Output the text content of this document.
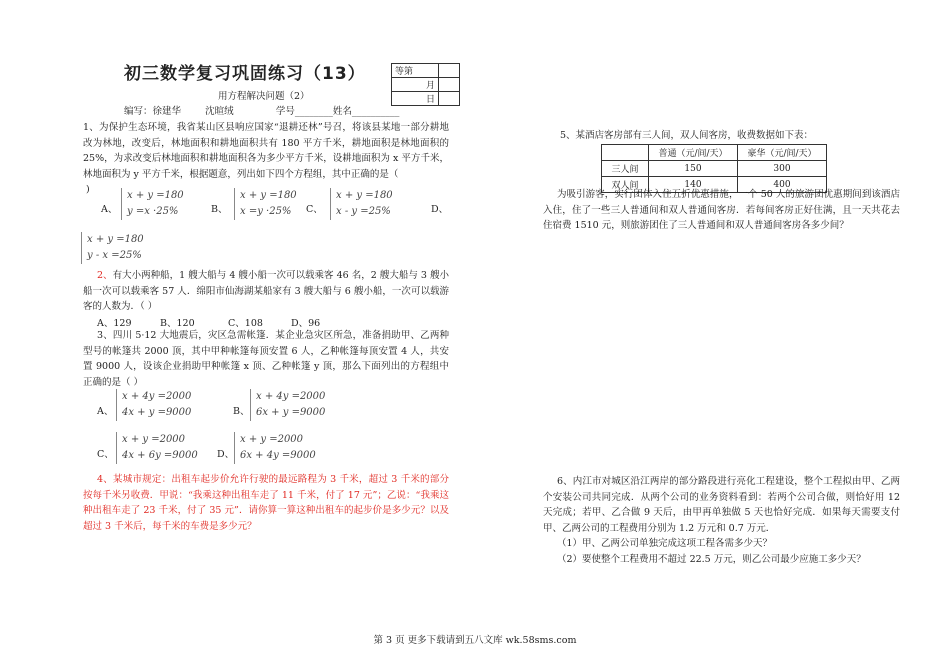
初三数学复习巩固练习（13）	等第	
月	
日	
用方程解决问题（2）
编写：徐建华        沈暄绒              学号________姓名__________
1、为保护生态环境，我省某山区县响应国家“退耕还林”号召，将该县某地一部分耕地改为林地，改变后，林地面积和耕地面积共有 180 平方千米，耕地面积是林地面积的 25%，为求改变后林地面积和耕地面积各为多少平方千米，设耕地面积为 x 平方千米，林地面积为 y 平方千米，根据题意，列出如下四个方程组，其中正确的是（
)
A、
x + y =180
y =x ·25%	B、
x + y =180
x =y ·25%	C、
x + y =180
x - y =25%	D、
x + y =180
y - x =25%
2、有大小两种船，1 艘大船与 4 艘小船一次可以载乘客 46 名，2 艘大船与 3 艘小船一次可以载乘客 57 人．绵阳市仙海湖某船家有 3 艘大船与 6 艘小船，一次可以载游客的人数为．（ ）
A、129	B、120	C、108	D、96
3、四川 5·12 大地震后，灾区急需帐篷．某企业急灾区所急，准备捐助甲、乙两种型号的帐篷共 2000 顶，其中甲种帐篷每顶安置 6 人，乙种帐篷每顶安置 4 人，共安置 9000 人，设该企业捐助甲种帐篷 x 顶、乙种帐篷 y 顶，那么下面列出的方程组中正确的是（ ）
A、
x + 4y =2000
4x + y =9000	B、
x + 4y =2000
6x + y =9000
C、
x + y =2000
4x + 6y =9000 D、
x + y =2000
6x + 4y =9000
4、某城市规定：出租车起步价允许行驶的最远路程为 3 千米，超过 3 千米的部分按每千米另收费．甲说：“我乘这种出租车走了 11 千米，付了 17 元”；乙说：“我乘这种出租车走了 23 千米，付了 35 元”．请你算一算这种出租车的起步价是多少元？以及超过 3 千米后，每千米的车费是多少元？
5、某酒店客房部有三人间，双人间客房，收费数据如下表：
	普通（元/间/天）	豪华（元/间/天）
三人间	150	300
双人间	140	400
为吸引游客，实行团体入住五折优惠措施，一个 50 人的旅游团优惠期间到该酒店入住，住了一些三人普通间和双人普通间客房．若每间客房正好住满，且一天共花去住宿费 1510 元，则旅游团住了三人普通间和双人普通间客房各多少间？
6、内江市对城区沿江两岸的部分路段进行亮化工程建设，整个工程拟由甲、乙两个安装公司共同完成．从两个公司的业务资料看到：若两个公司合做，则恰好用 12 天完成；若甲、乙合做 9 天后，由甲再单独做 5 天也恰好完成．如果每天需要支付甲、乙两公司的工程费用分别为 1.2 万元和 0.7 万元．
（1）甲、乙两公司单独完成这项工程各需多少天？
（2）要使整个工程费用不超过 22.5 万元，则乙公司最少应施工多少天？
第 3 页 更多下载请到五八文库 wk.58sms.com
